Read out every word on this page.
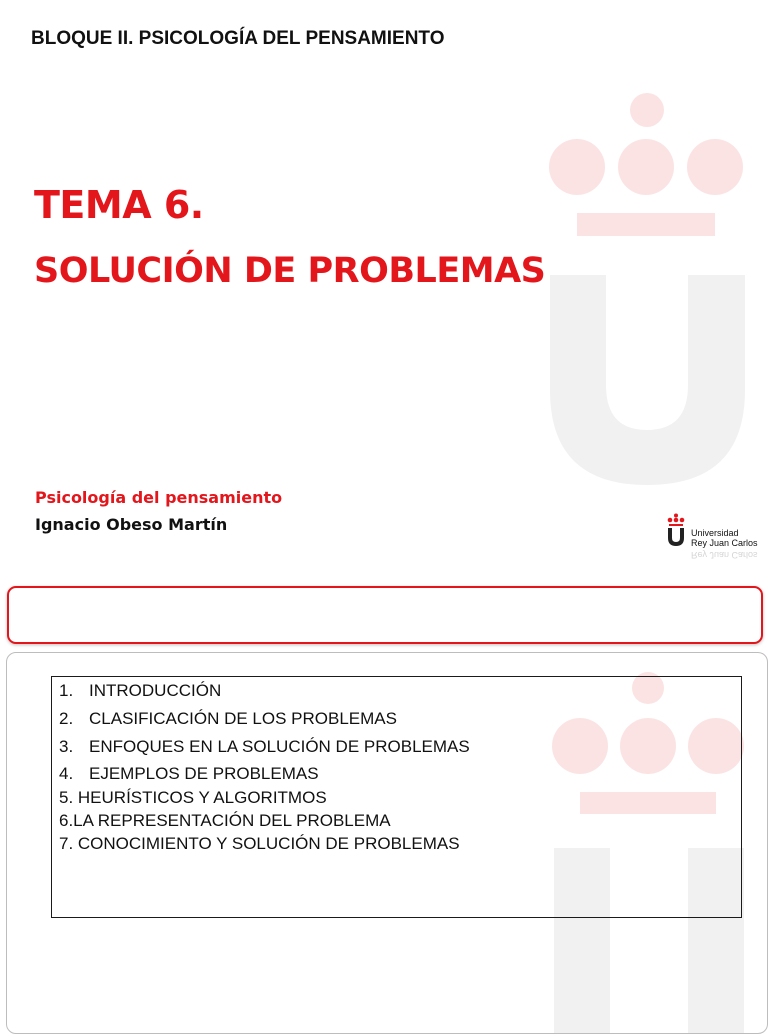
BLOQUE II. PSICOLOGÍA DEL PENSAMIENTO
TEMA 6.
SOLUCIÓN DE PROBLEMAS
Psicología del pensamiento
Ignacio Obeso Martín	Universidad
Rey Juan Carlos
Rey Juan Carlos
1. INTRODUCCIÓN
2. CLASIFICACIÓN DE LOS PROBLEMAS
3. ENFOQUES EN LA SOLUCIÓN DE PROBLEMAS
4. EJEMPLOS DE PROBLEMAS
5. HEURÍSTICOS Y ALGORITMOS
6.LA REPRESENTACIÓN DEL PROBLEMA
7. CONOCIMIENTO Y SOLUCIÓN DE PROBLEMAS
